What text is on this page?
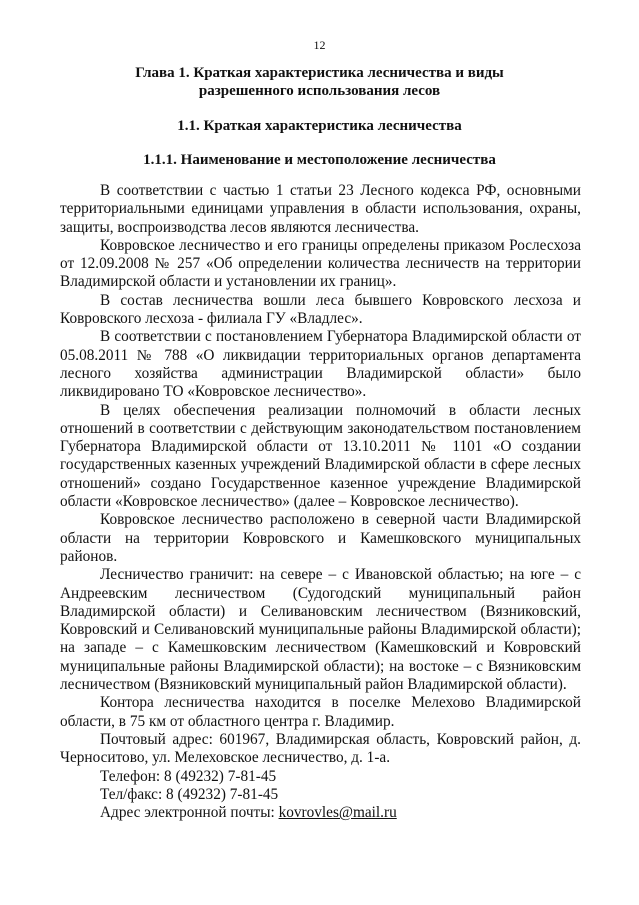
12
Глава 1. Краткая характеристика лесничества и виды
разрешенного использования лесов
1.1. Краткая характеристика лесничества
1.1.1. Наименование и местоположение лесничества

В соответствии с частью 1 статьи 23 Лесного кодекса РФ, основными территориальными единицами управления в области использования, охраны, защиты, воспроизводства лесов являются лесничества.

Ковровское лесничество и его границы определены приказом Рослесхоза от 12.09.2008 № 257 «Об определении количества лесничеств на территории Владимирской области и установлении их границ».

В состав лесничества вошли леса бывшего Ковровского лесхоза и Ковровского лесхоза - филиала ГУ «Владлес».

В соответствии с постановлением Губернатора Владимирской области от 05.08.2011 № 788 «О ликвидации территориальных органов департамента лесного хозяйства администрации Владимирской области» было ликвидировано ТО «Ковровское лесничество».

В целях обеспечения реализации полномочий в области лесных отношений в соответствии с действующим законодательством постановлением Губернатора Владимирской области от 13.10.2011 № 1101 «О создании государственных казенных учреждений Владимирской области в сфере лесных отношений» создано Государственное казенное учреждение Владимирской области «Ковровское лесничество» (далее – Ковровское лесничество).

Ковровское лесничество расположено в северной части Владимирской области на территории Ковровского и Камешковского муниципальных районов.

Лесничество граничит: на севере – с Ивановской областью; на юге – с Андреевским лесничеством (Судогодский муниципальный район Владимирской области) и Селивановским лесничеством (Вязниковский, Ковровский и Селивановский муниципальные районы Владимирской области); на западе – с Камешковским лесничеством (Камешковский и Ковровский муниципальные районы Владимирской области); на востоке – с Вязниковским лесничеством (Вязниковский муниципальный район Владимирской области).

Контора лесничества находится в поселке Мелехово Владимирской области, в 75 км от областного центра г. Владимир.

Почтовый адрес: 601967, Владимирская область, Ковровский район, д. Черноситово, ул. Мелеховское лесничество, д. 1-а.

Телефон: 8 (49232) 7-81-45

Тел/факс: 8 (49232) 7-81-45

Адрес электронной почты: kovrovles@mail.ru
